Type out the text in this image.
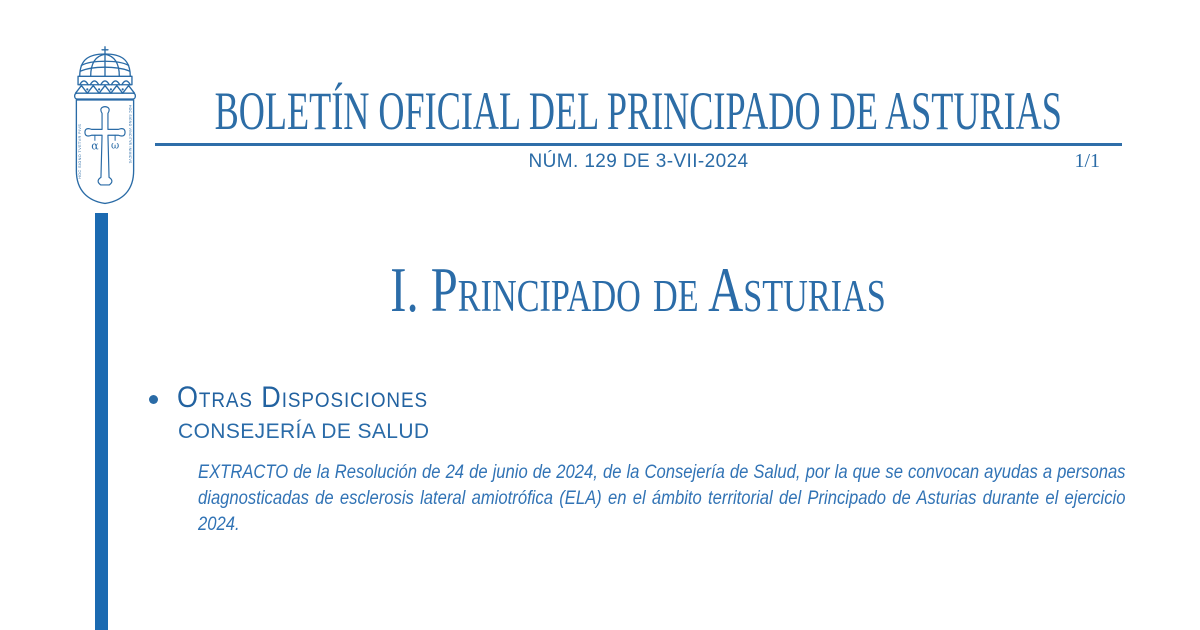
α ω
HOC SIGNO TVETVR PIVS	HOC SIGNO VINCITVR INIMICVS BOLETÍN OFICIAL DEL PRINCIPADO DE ASTURIAS
NÚM. 129 DE 3-VII-2024	1/1
I. Principado de Asturias
Otras Disposiciones
CONSEJERÍA DE SALUD
EXTRACTO de la Resolución de 24 de junio de 2024, de la Consejería de Salud, por la que se convocan ayudas a personas diagnosticadas de esclerosis lateral amiotrófica (ELA) en el ámbito territorial del Principado de Asturias durante el ejercicio 2024.
